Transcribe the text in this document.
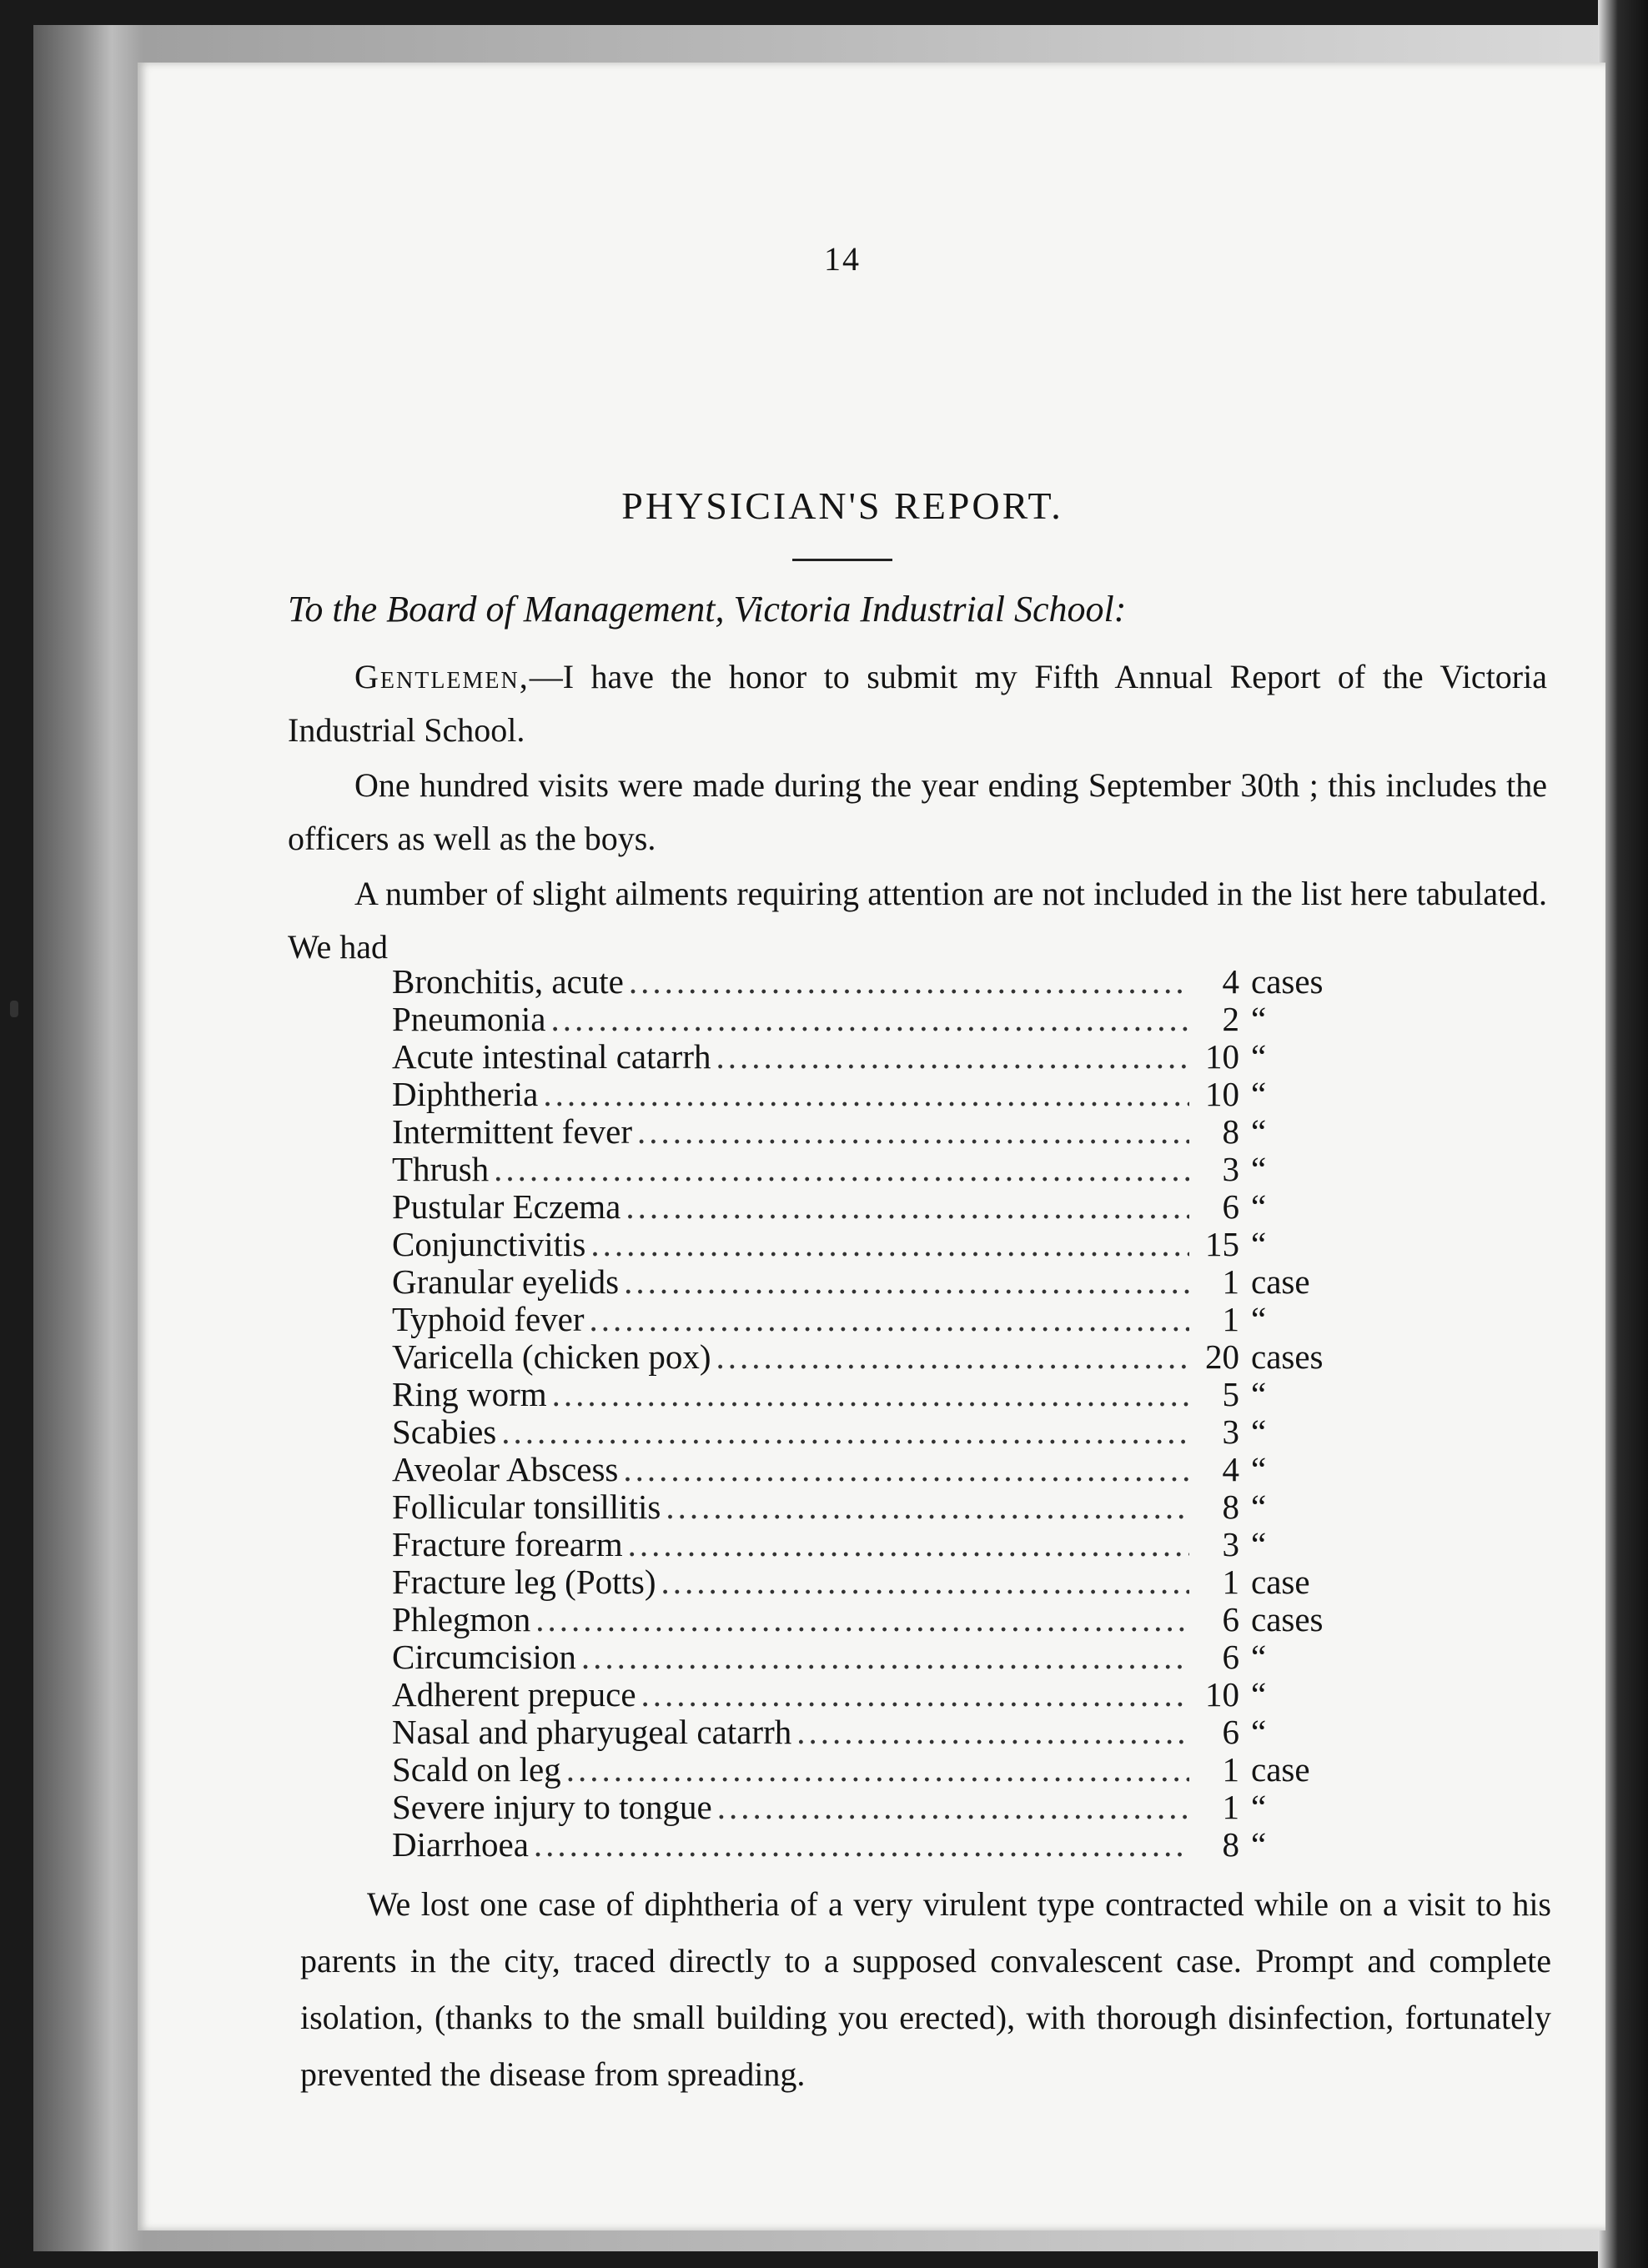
14
PHYSICIAN'S REPORT.
To the Board of Management, Victoria Industrial School:

Gentlemen,—I have the honor to submit my Fifth Annual Report of the Victoria Industrial School.

One hundred visits were made during the year ending September 30th ; this includes the officers as well as the boys.

A number of slight ailments requiring attention are not included in the list here tabulated. We had

Bronchitis, acute .....	4 cases
Pneumonia .....	2 “
Acute intestinal catarrh .....	10 “
Diphtheria .....	10 “
Intermittent fever .....	8 “
Thrush .....	3 “
Pustular Eczema .....	6 “
Conjunctivitis .....	15 “
Granular eyelids .....	1 case
Typhoid fever .....	1 “
Varicella (chicken pox) .....	20 cases
Ring worm .....	5 “
Scabies .....	3 “
Aveolar Abscess .....	4 “
Follicular tonsillitis .....	8 “
Fracture forearm .....	3 “
Fracture leg (Potts) .....	1 case
Phlegmon .....	6 cases
Circumcision .....	6 “
Adherent prepuce .....	10 “
Nasal and pharyugeal catarrh .....	6 “
Scald on leg .....	1 case
Severe injury to tongue .....	1 “
Diarrhoea .....	8 “

We lost one case of diphtheria of a very virulent type contracted while on a visit to his parents in the city, traced directly to a supposed convalescent case. Prompt and complete isolation, (thanks to the small building you erected), with thorough disinfection, fortunately prevented the disease from spreading.
